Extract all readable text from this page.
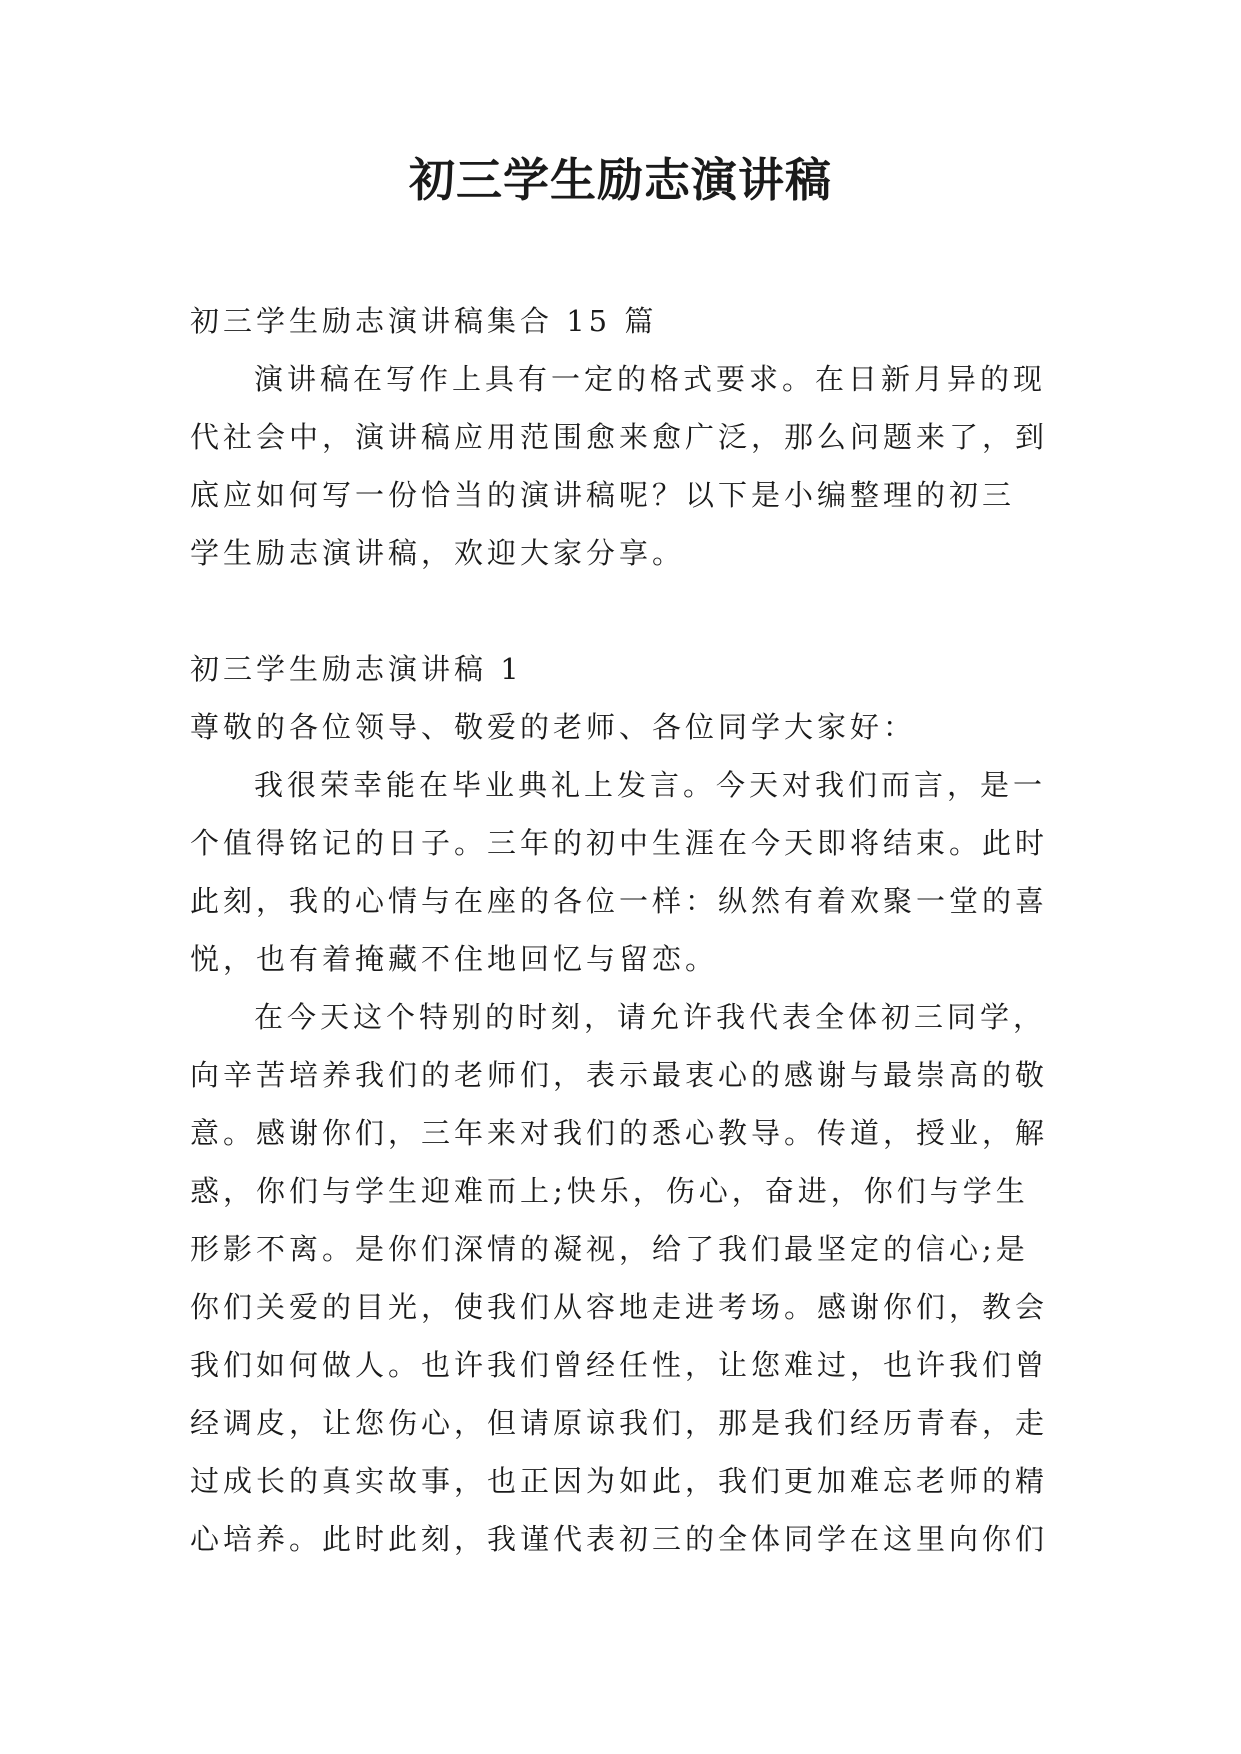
初三学生励志演讲稿
初三学生励志演讲稿集合 15 篇
演讲稿在写作上具有一定的格式要求。在日新月异的现
代社会中，演讲稿应用范围愈来愈广泛，那么问题来了，到
底应如何写一份恰当的演讲稿呢？以下是小编整理的初三
学生励志演讲稿，欢迎大家分享。
初三学生励志演讲稿 1
尊敬的各位领导、敬爱的老师、各位同学大家好：
我很荣幸能在毕业典礼上发言。今天对我们而言，是一
个值得铭记的日子。三年的初中生涯在今天即将结束。此时
此刻，我的心情与在座的各位一样：纵然有着欢聚一堂的喜
悦，也有着掩藏不住地回忆与留恋。
在今天这个特别的时刻，请允许我代表全体初三同学，
向辛苦培养我们的老师们，表示最衷心的感谢与最崇高的敬
意。感谢你们，三年来对我们的悉心教导。传道，授业，解
惑，你们与学生迎难而上;快乐，伤心，奋进，你们与学生
形影不离。是你们深情的凝视，给了我们最坚定的信心;是
你们关爱的目光，使我们从容地走进考场。感谢你们，教会
我们如何做人。也许我们曾经任性，让您难过，也许我们曾
经调皮，让您伤心，但请原谅我们，那是我们经历青春，走
过成长的真实故事，也正因为如此，我们更加难忘老师的精
心培养。此时此刻，我谨代表初三的全体同学在这里向你们
